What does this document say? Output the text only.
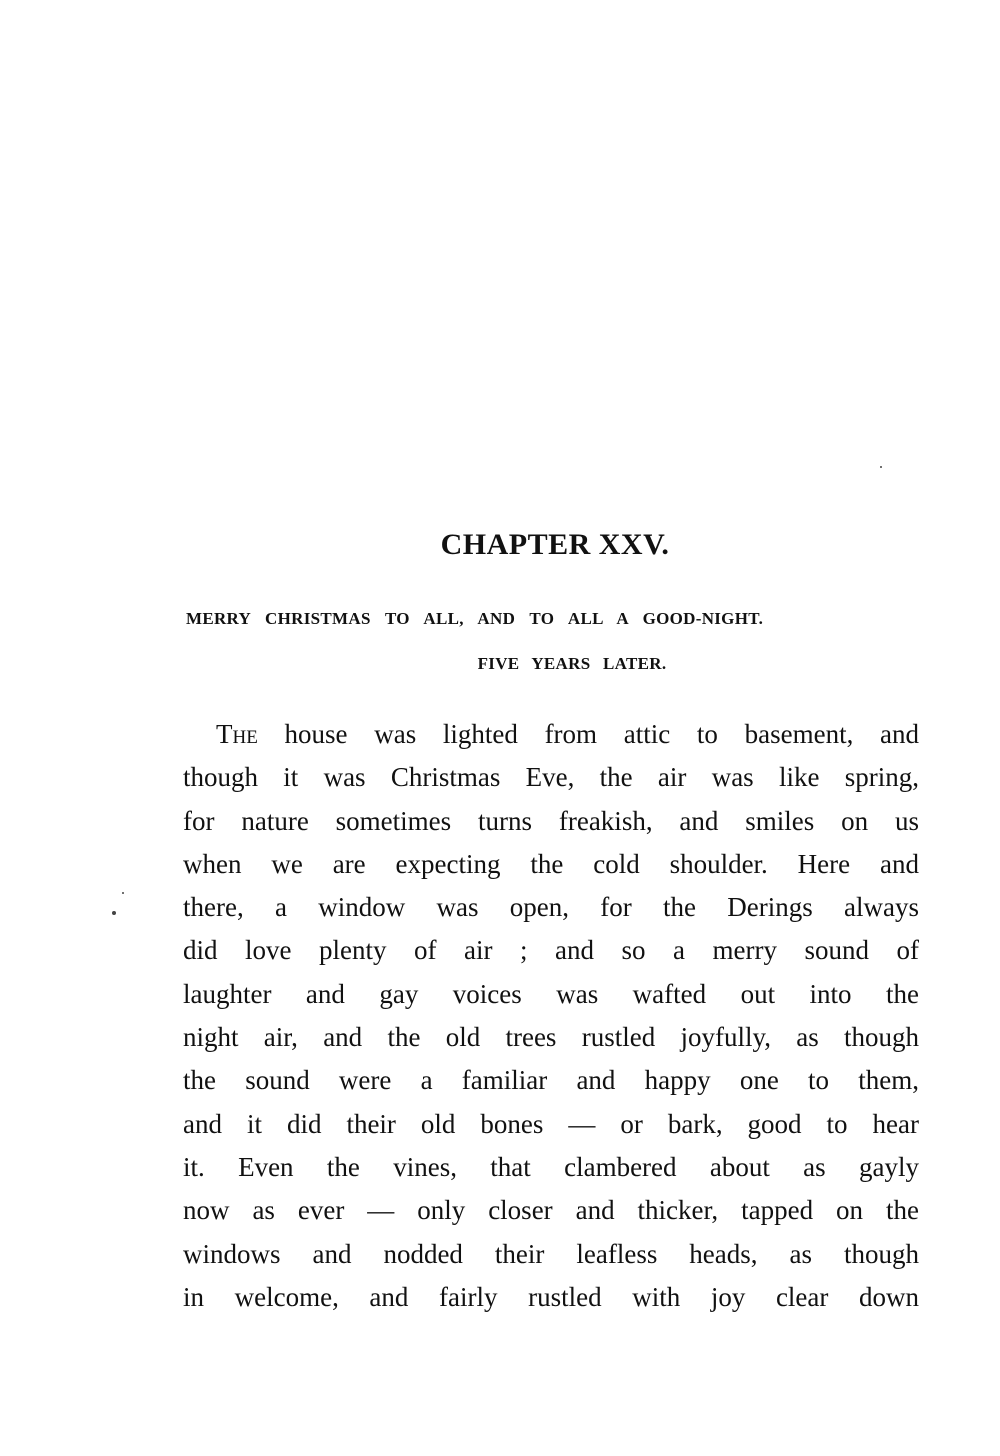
CHAPTER XXV.

MERRY CHRISTMAS TO ALL, AND TO ALL A GOOD-NIGHT.

FIVE YEARS LATER.

The house was lighted from attic to basement, and
though it was Christmas Eve, the air was like spring,
for nature sometimes turns freakish, and smiles on us
when we are expecting the cold shoulder. Here and
there, a window was open, for the Derings always
did love plenty of air ; and so a merry sound of
laughter and gay voices was wafted out into the
night air, and the old trees rustled joyfully, as though
the sound were a familiar and happy one to them,
and it did their old bones — or bark, good to hear
it. Even the vines, that clambered about as gayly
now as ever — only closer and thicker, tapped on the
windows and nodded their leafless heads, as though
in welcome, and fairly rustled with joy clear down
